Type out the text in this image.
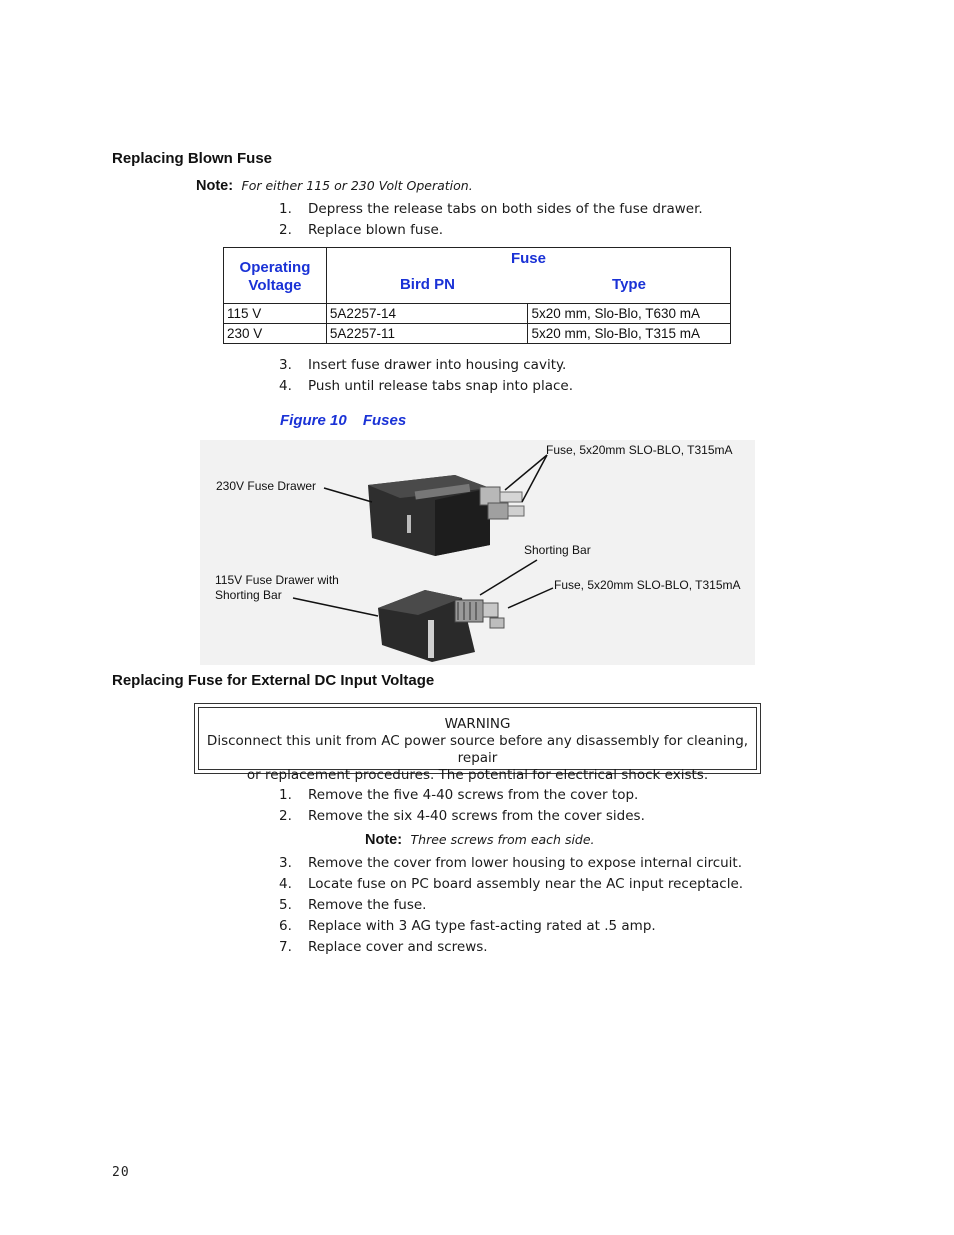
Replacing Blown Fuse
Note: For either 115 or 230 Volt Operation.
1. Depress the release tabs on both sides of the fuse drawer.
2. Replace blown fuse.
Operating
Voltage	Fuse	
	Bird PN	Type
115 V	5A2257-14	5x20 mm, Slo-Blo, T630 mA
230 V	5A2257-11	5x20 mm, Slo-Blo, T315 mA
3. Insert fuse drawer into housing cavity.
4. Push until release tabs snap into place.
Figure 10 Fuses
Fuse, 5x20mm SLO-BLO, T315mA
230V Fuse Drawer
Shorting Bar
115V Fuse Drawer with
Shorting Bar
Fuse, 5x20mm SLO-BLO, T315mA
Replacing Fuse for External DC Input Voltage
WARNING
Disconnect this unit from AC power source before any disassembly for cleaning, repair
or replacement procedures. The potential for electrical shock exists.
1. Remove the five 4-40 screws from the cover top.
2. Remove the six 4-40 screws from the cover sides.
Note: Three screws from each side.
3. Remove the cover from lower housing to expose internal circuit.
4. Locate fuse on PC board assembly near the AC input receptacle.
5. Remove the fuse.
6. Replace with 3 AG type fast-acting rated at .5 amp.
7. Replace cover and screws.
20
